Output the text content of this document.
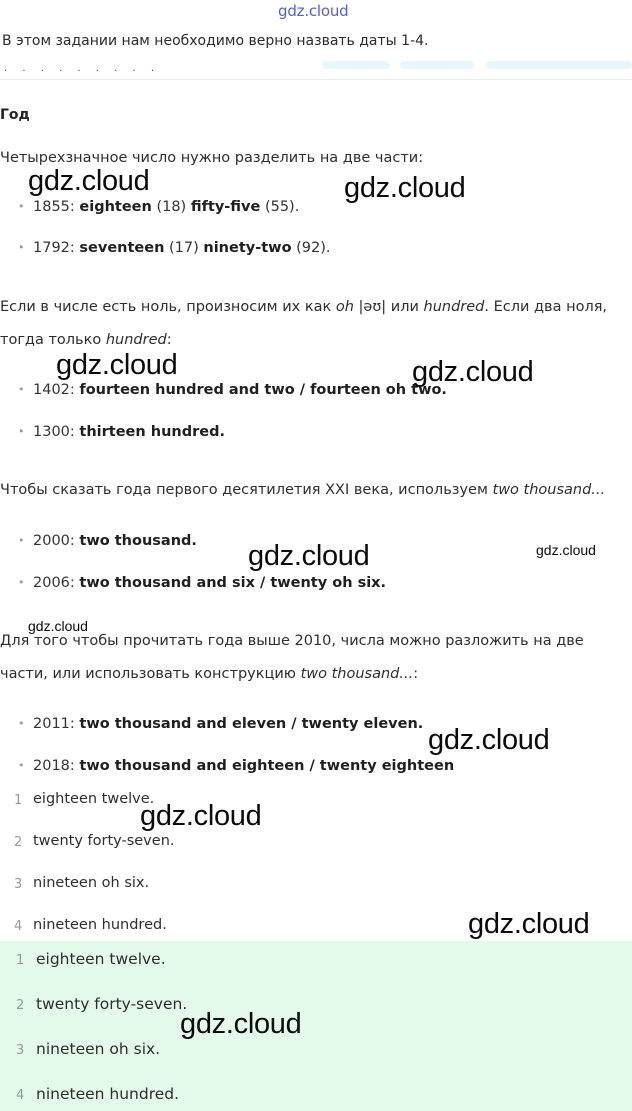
gdz.cloud
В этом задании нам необходимо верно назвать даты 1-4.
· · · · · · · · ·
Год
Четырехзначное число нужно разделить на две части:
• 1855: eighteen (18) fifty-five (55).
• 1792: seventeen (17) ninety-two (92).
Если в числе есть ноль, произносим их как oh |əʊ| или hundred. Если два ноля,
тогда только hundred:
• 1402: fourteen hundred and two / fourteen oh two.
• 1300: thirteen hundred.
Чтобы сказать года первого десятилетия XXI века, используем two thousand...
• 2000: two thousand.
• 2006: two thousand and six / twenty oh six.
Для того чтобы прочитать года выше 2010, числа можно разложить на две
части, или использовать конструкцию two thousand...:
• 2011: two thousand and eleven / twenty eleven.
• 2018: two thousand and eighteen / twenty eighteen
1 eighteen twelve.
2 twenty forty-seven.
3 nineteen oh six.
4 nineteen hundred.
1 eighteen twelve.
2 twenty forty-seven.
3 nineteen oh six.
4 nineteen hundred.
gdz.cloud	gdz.cloud
gdz.cloud	gdz.cloud
gdz.cloud	gdz.cloud
gdz.cloud
gdz.cloud
gdz.cloud
gdz.cloud
gdz.cloud
